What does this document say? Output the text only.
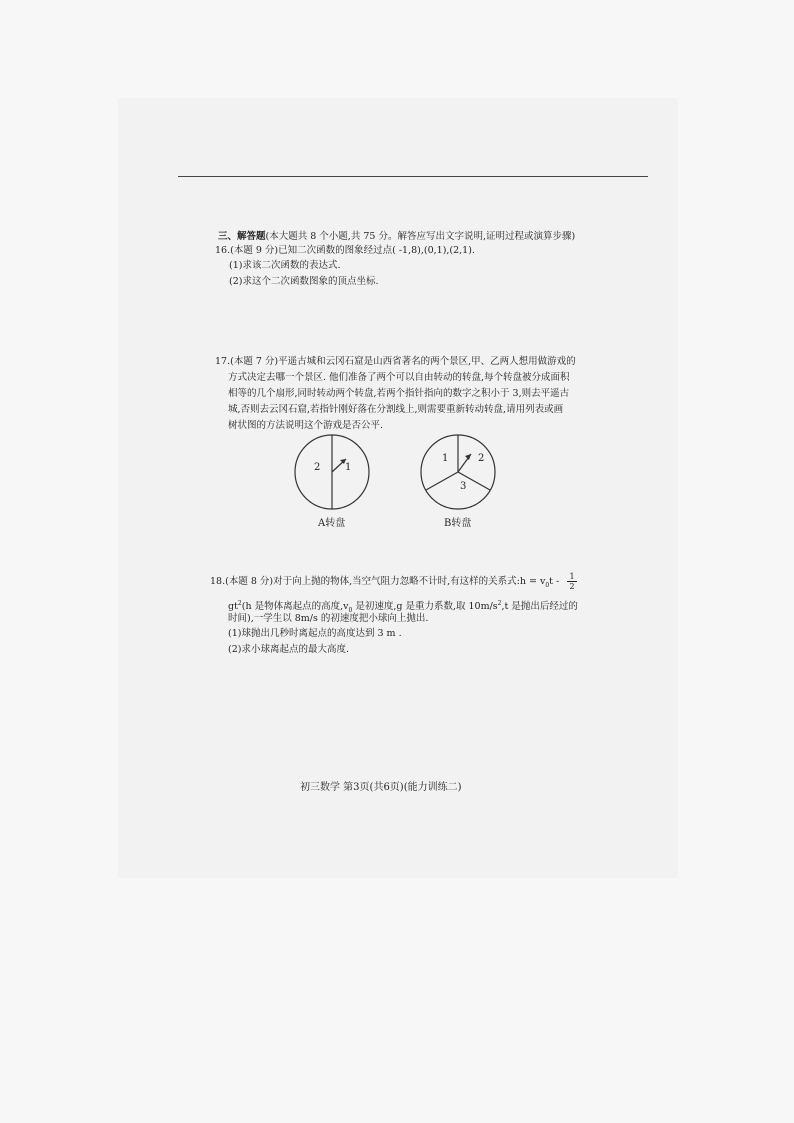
三、解答题(本大题共 8 个小题,共 75 分。解答应写出文字说明,证明过程或演算步骤)
16.(本题 9 分)已知二次函数的图象经过点( -1,8),(0,1),(2,1).
(1)求该二次函数的表达式.
(2)求这个二次函数图象的顶点坐标.
17.(本题 7 分)平遥古城和云冈石窟是山西省著名的两个景区,甲、乙两人想用做游戏的
方式决定去哪一个景区. 他们准备了两个可以自由转动的转盘,每个转盘被分成面积
相等的几个扇形,同时转动两个转盘,若两个指针指向的数字之积小于 3,则去平遥古
城,否则去云冈石窟,若指针刚好落在分割线上,则需要重新转动转盘,请用列表或画
树状图的方法说明这个游戏是否公平.
2 1
A转盘
1	2
3
B转盘
18.(本题 8 分)对于向上抛的物体,当空气阻力忽略不计时,有这样的关系式:h = $v_0t - \frac{1}{2}$
$gt^2(h$ 是物体离起点的高度$,v_0$ 是初速度,g 是重力系数,取 $10m/s^2,t$ 是抛出后经过的
时间),一学生以 8m/s 的初速度把小球向上抛出.
(1)球抛出几秒时离起点的高度达到 3 m .
(2)求小球离起点的最大高度.
初三数学 第3页(共6页)(能力训练二)
